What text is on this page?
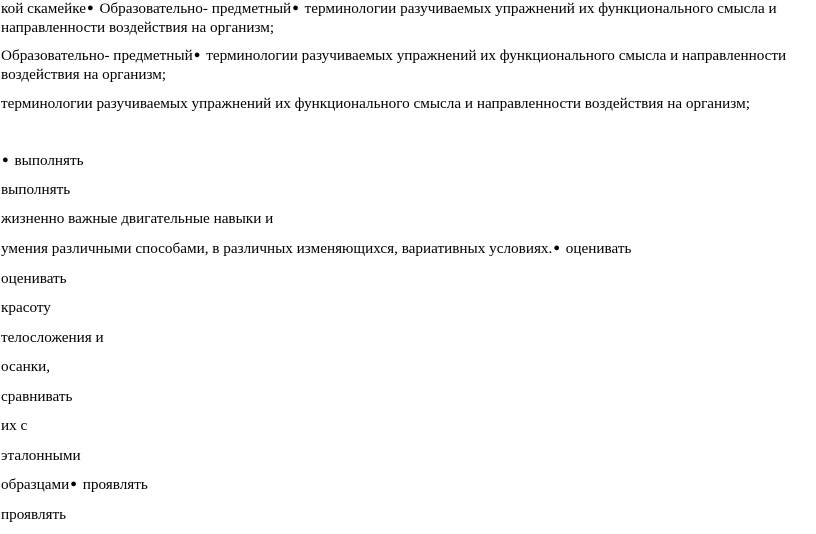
кой скамейке● Образовательно- предметный● терминологии разучиваемых упражнений их функционального смысла и
направленности воздействия на организм;
Образовательно- предметный● терминологии разучиваемых упражнений их функционального смысла и направленности
воздействия на организм;
терминологии разучиваемых упражнений их функционального смысла и направленности воздействия на организм;
● выполнять
выполнять
жизненно важные двигательные навыки и
умения различными способами, в различных изменяющихся, вариативных условиях.● оценивать
оценивать
красоту
телосложения и
осанки,
сравнивать
их с
эталонными
образцами● проявлять
проявлять
